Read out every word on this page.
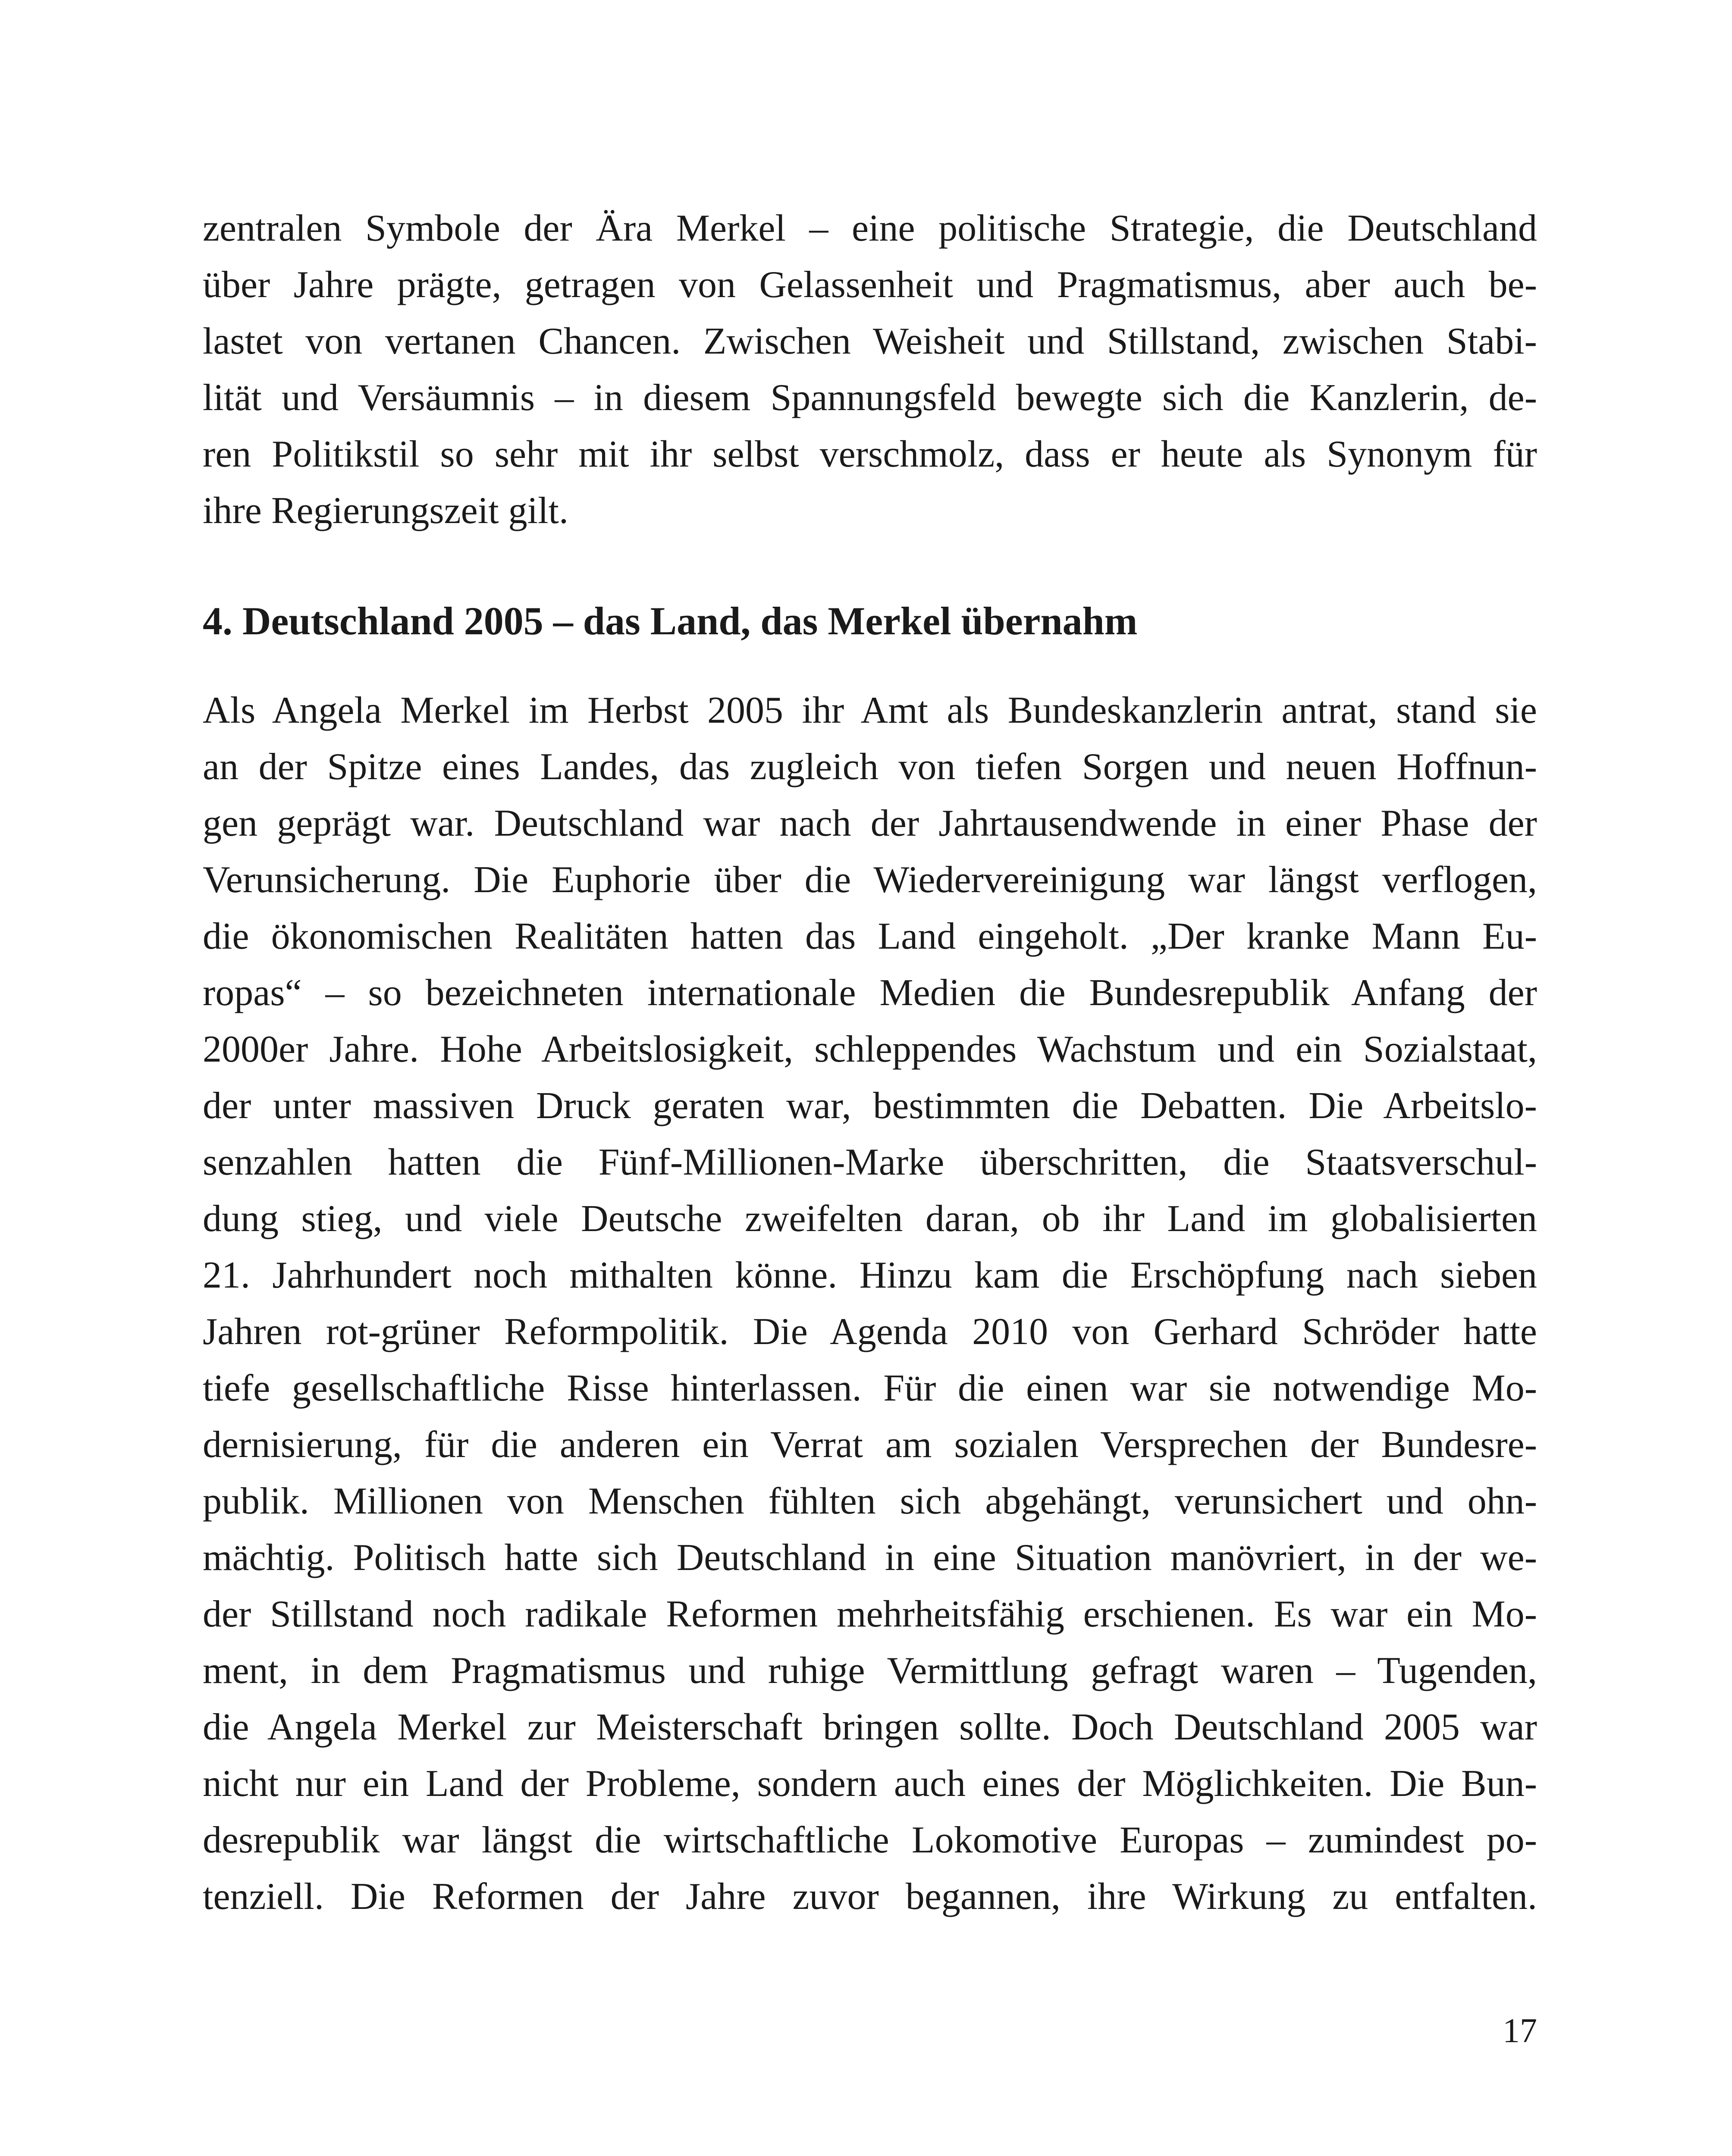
zentralen Symbole der Ära Merkel – eine politische Strategie, die Deutschland
über Jahre prägte, getragen von Gelassenheit und Pragmatismus, aber auch be-
lastet von vertanen Chancen. Zwischen Weisheit und Stillstand, zwischen Stabi-
lität und Versäumnis – in diesem Spannungsfeld bewegte sich die Kanzlerin, de-
ren Politikstil so sehr mit ihr selbst verschmolz, dass er heute als Synonym für
ihre Regierungszeit gilt.
4. Deutschland 2005 – das Land, das Merkel übernahm
Als Angela Merkel im Herbst 2005 ihr Amt als Bundeskanzlerin antrat, stand sie
an der Spitze eines Landes, das zugleich von tiefen Sorgen und neuen Hoffnun-
gen geprägt war. Deutschland war nach der Jahrtausendwende in einer Phase der
Verunsicherung. Die Euphorie über die Wiedervereinigung war längst verflogen,
die ökonomischen Realitäten hatten das Land eingeholt. „Der kranke Mann Eu-
ropas“ – so bezeichneten internationale Medien die Bundesrepublik Anfang der
2000er Jahre. Hohe Arbeitslosigkeit, schleppendes Wachstum und ein Sozialstaat,
der unter massiven Druck geraten war, bestimmten die Debatten. Die Arbeitslo-
senzahlen hatten die Fünf-Millionen-Marke überschritten, die Staatsverschul-
dung stieg, und viele Deutsche zweifelten daran, ob ihr Land im globalisierten
21. Jahrhundert noch mithalten könne. Hinzu kam die Erschöpfung nach sieben
Jahren rot-grüner Reformpolitik. Die Agenda 2010 von Gerhard Schröder hatte
tiefe gesellschaftliche Risse hinterlassen. Für die einen war sie notwendige Mo-
dernisierung, für die anderen ein Verrat am sozialen Versprechen der Bundesre-
publik. Millionen von Menschen fühlten sich abgehängt, verunsichert und ohn-
mächtig. Politisch hatte sich Deutschland in eine Situation manövriert, in der we-
der Stillstand noch radikale Reformen mehrheitsfähig erschienen. Es war ein Mo-
ment, in dem Pragmatismus und ruhige Vermittlung gefragt waren – Tugenden,
die Angela Merkel zur Meisterschaft bringen sollte. Doch Deutschland 2005 war
nicht nur ein Land der Probleme, sondern auch eines der Möglichkeiten. Die Bun-
desrepublik war längst die wirtschaftliche Lokomotive Europas – zumindest po-
tenziell. Die Reformen der Jahre zuvor begannen, ihre Wirkung zu entfalten.
17
